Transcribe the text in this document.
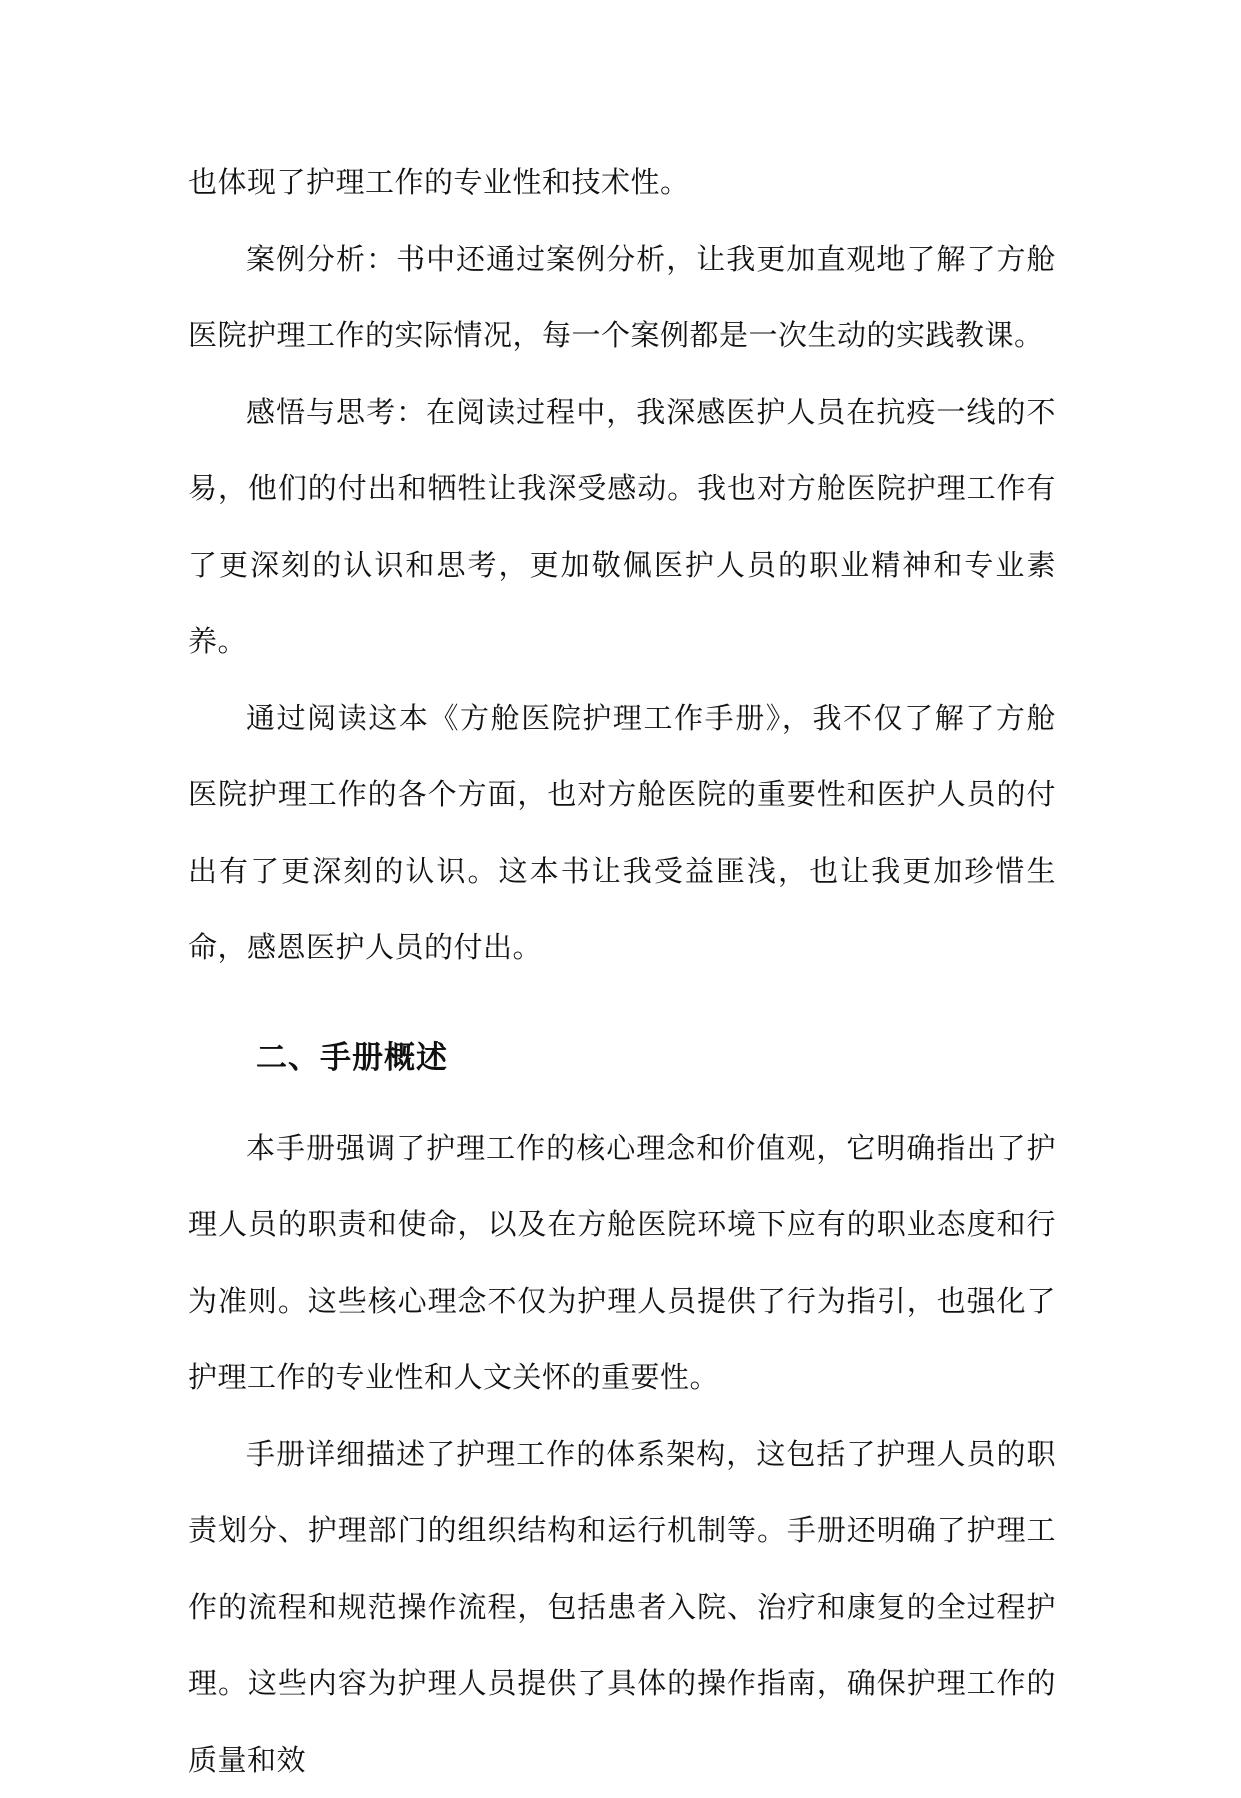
也体现了护理工作的专业性和技术性。

案例分析：书中还通过案例分析，让我更加直观地了解了方舱医院护理工作的实际情况，每一个案例都是一次生动的实践教课。

感悟与思考：在阅读过程中，我深感医护人员在抗疫一线的不易，他们的付出和牺牲让我深受感动。我也对方舱医院护理工作有了更深刻的认识和思考，更加敬佩医护人员的职业精神和专业素养。

通过阅读这本《方舱医院护理工作手册》，我不仅了解了方舱医院护理工作的各个方面，也对方舱医院的重要性和医护人员的付出有了更深刻的认识。这本书让我受益匪浅，也让我更加珍惜生命，感恩医护人员的付出。

二、手册概述

本手册强调了护理工作的核心理念和价值观，它明确指出了护理人员的职责和使命，以及在方舱医院环境下应有的职业态度和行为准则。这些核心理念不仅为护理人员提供了行为指引，也强化了护理工作的专业性和人文关怀的重要性。

手册详细描述了护理工作的体系架构，这包括了护理人员的职责划分、护理部门的组织结构和运行机制等。手册还明确了护理工作的流程和规范操作流程，包括患者入院、治疗和康复的全过程护理。这些内容为护理人员提供了具体的操作指南，确保护理工作的质量和效
